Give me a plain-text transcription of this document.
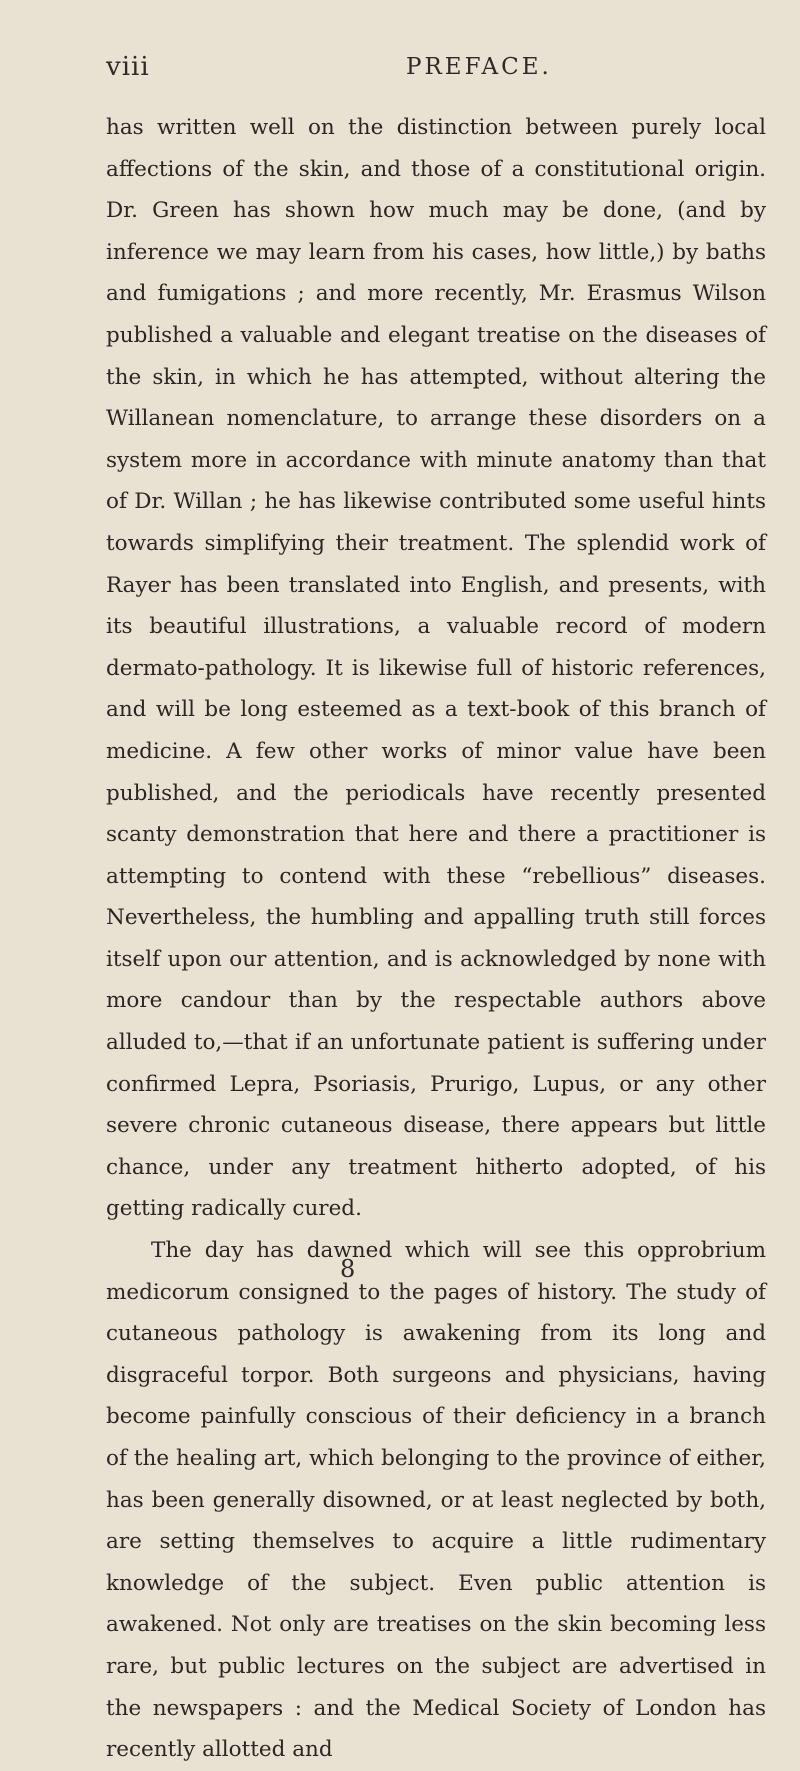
viii	PREFACE.

has written well on the distinction between purely local affections of the skin, and those of a constitutional origin. Dr. Green has shown how much may be done, (and by inference we may learn from his cases, how little,) by baths and fumigations ; and more recently, Mr. Erasmus Wilson published a valuable and elegant treatise on the diseases of the skin, in which he has attempted, without altering the Willanean nomenclature, to arrange these disorders on a system more in accordance with minute anatomy than that of Dr. Willan ; he has likewise contributed some useful hints towards simplifying their treatment. The splendid work of Rayer has been translated into English, and presents, with its beautiful illustrations, a valuable record of modern dermato-pathology. It is likewise full of historic references, and will be long esteemed as a text-book of this branch of medicine. A few other works of minor value have been published, and the periodicals have recently presented scanty demonstration that here and there a practitioner is attempting to contend with these “rebellious” diseases. Nevertheless, the humbling and appalling truth still forces itself upon our attention, and is acknowledged by none with more candour than by the respectable authors above alluded to,—that if an unfortunate patient is suffering under confirmed Lepra, Psoriasis, Prurigo, Lupus, or any other severe chronic cutaneous disease, there appears but little chance, under any treatment hitherto adopted, of his getting radically cured.

The day has dawned which will see this opprobrium medicorum consigned to the pages of history. The study of cutaneous pathology is awakening from its long and disgraceful torpor. Both surgeons and physicians, having become painfully conscious of their deficiency in a branch of the healing art, which belonging to the province of either, has been generally disowned, or at least neglected by both, are setting themselves to acquire a little rudimentary knowledge of the subject. Even public attention is awakened. Not only are treatises on the skin becoming less rare, but public lectures on the subject are advertised in the newspapers : and the Medical Society of London has recently allotted and

8
